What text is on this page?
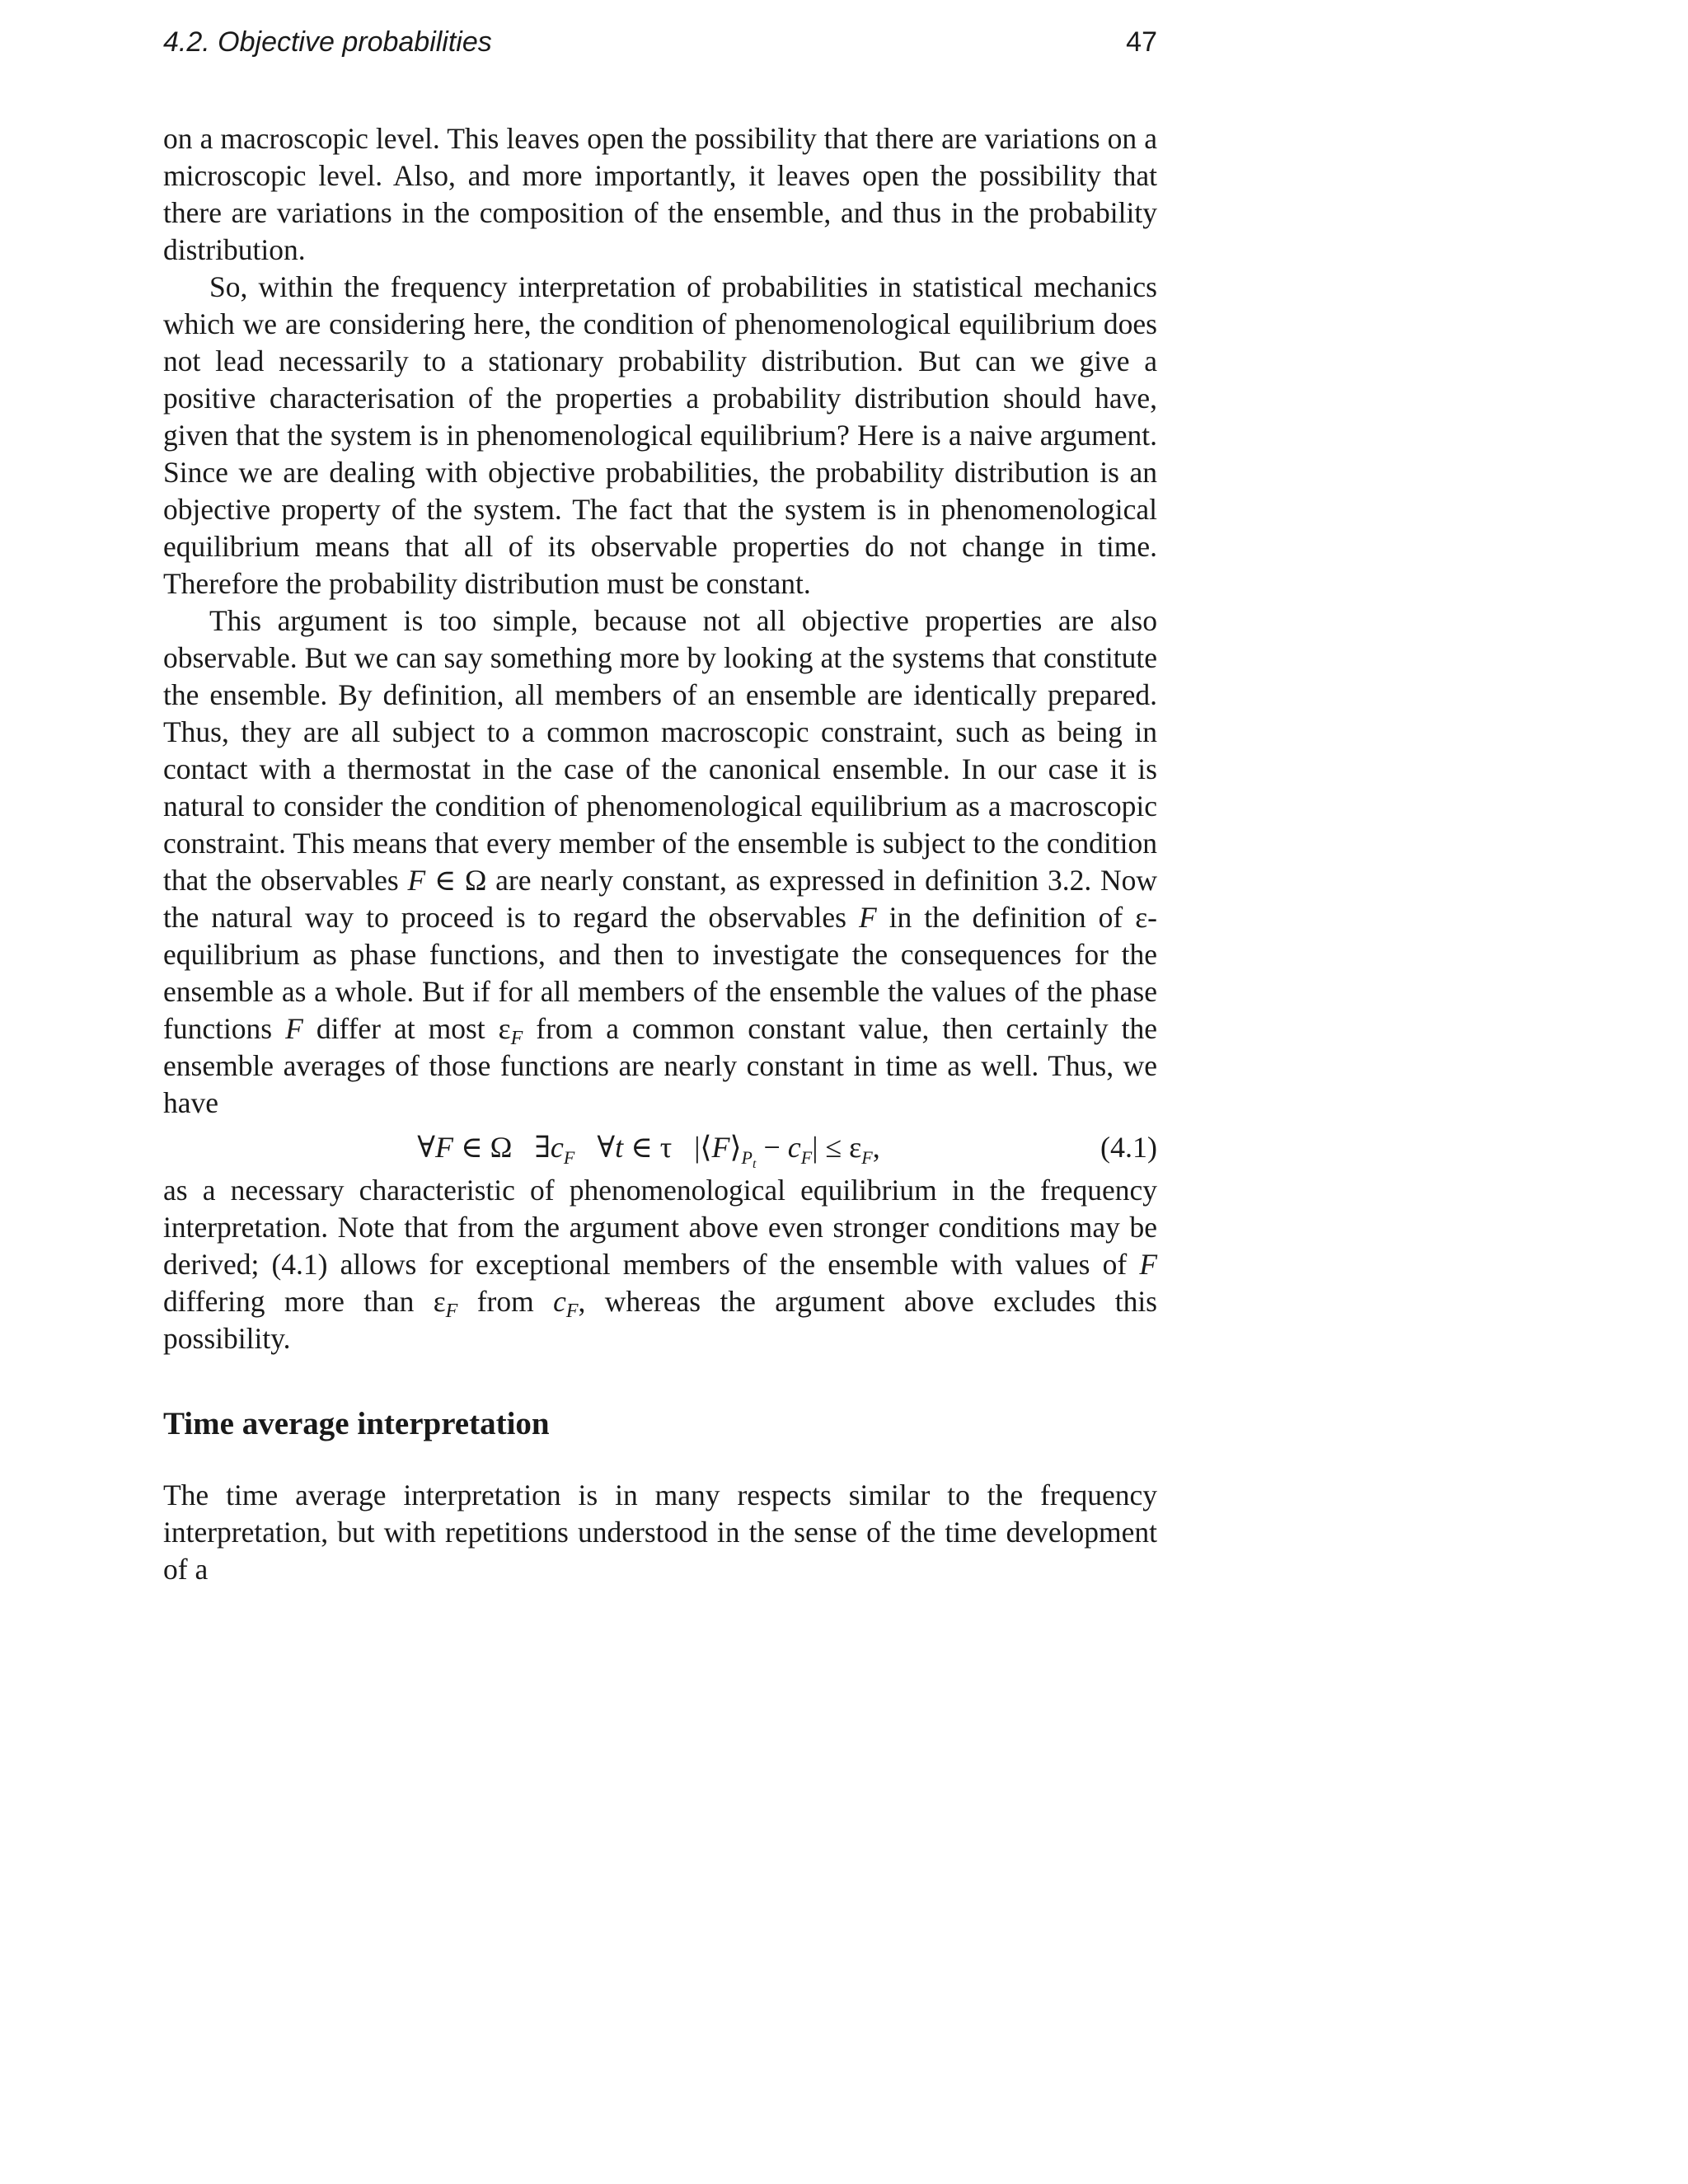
4.2. Objective probabilities	47

on a macroscopic level. This leaves open the possibility that there are variations on a microscopic level. Also, and more importantly, it leaves open the possibility that there are variations in the composition of the ensemble, and thus in the probability distribution.

So, within the frequency interpretation of probabilities in statistical mechanics which we are considering here, the condition of phenomenological equilibrium does not lead necessarily to a stationary probability distribution. But can we give a positive characterisation of the properties a probability distribution should have, given that the system is in phenomenological equilibrium? Here is a naive argument. Since we are dealing with objective probabilities, the probability distribution is an objective property of the system. The fact that the system is in phenomenological equilibrium means that all of its observable properties do not change in time. Therefore the probability distribution must be constant.

This argument is too simple, because not all objective properties are also observable. But we can say something more by looking at the systems that constitute the ensemble. By definition, all members of an ensemble are identically prepared. Thus, they are all subject to a common macroscopic constraint, such as being in contact with a thermostat in the case of the canonical ensemble. In our case it is natural to consider the condition of phenomenological equilibrium as a macroscopic constraint. This means that every member of the ensemble is subject to the condition that the observables F ∈ Ω are nearly constant, as expressed in definition 3.2. Now the natural way to proceed is to regard the observables F in the definition of ε-equilibrium as phase functions, and then to investigate the consequences for the ensemble as a whole. But if for all members of the ensemble the values of the phase functions F differ at most εF from a common constant value, then certainly the ensemble averages of those functions are nearly constant in time as well. Thus, we have

∀F ∈ Ω   $\exists c_F$   ∀t ∈ τ   $|⟨F⟩_{P_t} - c_F| \le \varepsilon_F$,	(4.1)

as a necessary characteristic of phenomenological equilibrium in the frequency interpretation. Note that from the argument above even stronger conditions may be derived; (4.1) allows for exceptional members of the ensemble with values of F differing more than εF from cF, whereas the argument above excludes this possibility.

Time average interpretation

The time average interpretation is in many respects similar to the frequency interpretation, but with repetitions understood in the sense of the time development of a
